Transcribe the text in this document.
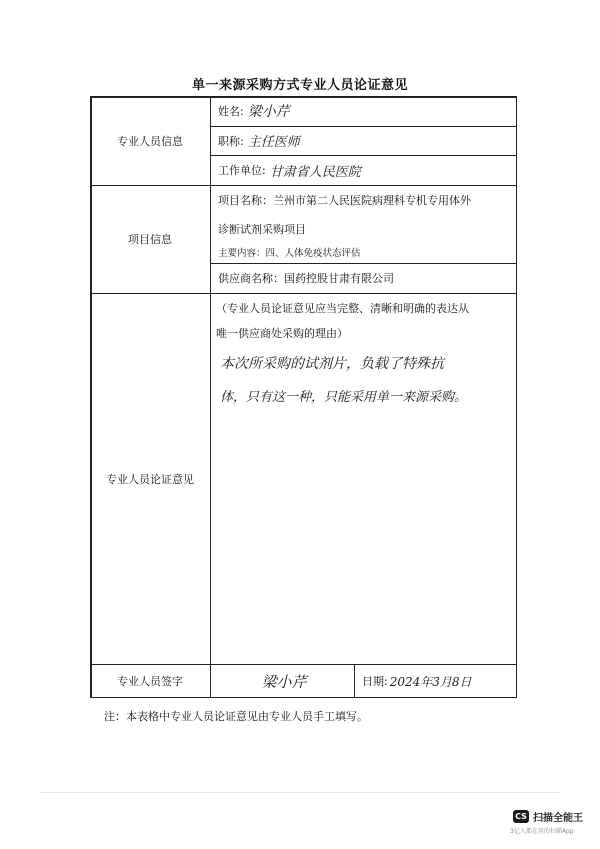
单一来源采购方式专业人员论证意见
专业人员信息
姓名: 梁小芹
职称: 主任医师
工作单位: 甘肃省人民医院
项目信息
项目名称：兰州市第二人民医院病理科专机专用体外
诊断试剂采购项目
主要内容：四、人体免疫状态评估
供应商名称：国药控股甘肃有限公司
专业人员论证意见
（专业人员论证意见应当完整、清晰和明确的表达从
唯一供应商处采购的理由）
本次所采购的试剂片，负载了特殊抗
体，只有这一种，只能采用单一来源采购。
专业人员签字	梁小芹	日期: 2024年3月8日
注：本表格中专业人员论证意见由专业人员手工填写。
CS 扫描全能王
3亿人都在用的扫描App
